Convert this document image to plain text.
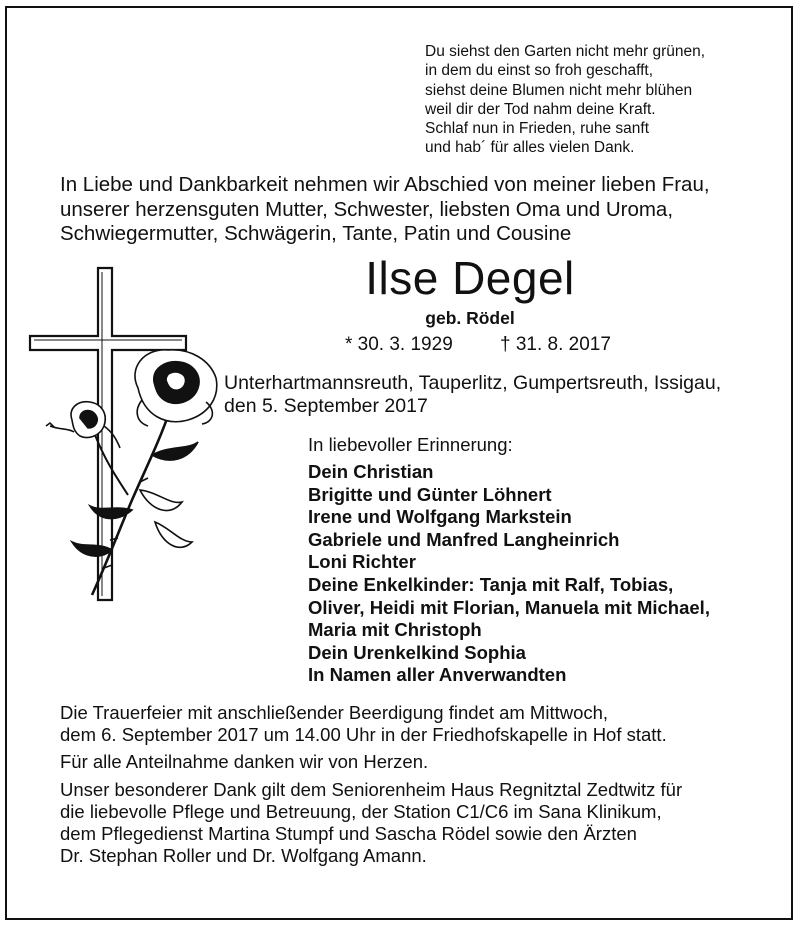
Du siehst den Garten nicht mehr grünen,
in dem du einst so froh geschafft,
siehst deine Blumen nicht mehr blühen
weil dir der Tod nahm deine Kraft.
Schlaf nun in Frieden, ruhe sanft
und hab´ für alles vielen Dank.
In Liebe und Dankbarkeit nehmen wir Abschied von meiner lieben Frau,
unserer herzensguten Mutter, Schwester, liebsten Oma und Uroma,
Schwiegermutter, Schwägerin, Tante, Patin und Cousine
Ilse Degel
geb. Rödel
* 30. 3. 1929 † 31. 8. 2017
Unterhartmannsreuth, Tauperlitz, Gumpertsreuth, Issigau,
den 5. September 2017
In liebevoller Erinnerung:
Dein Christian
Brigitte und Günter Löhnert
Irene und Wolfgang Markstein
Gabriele und Manfred Langheinrich
Loni Richter
Deine Enkelkinder: Tanja mit Ralf, Tobias,
Oliver, Heidi mit Florian, Manuela mit Michael,
Maria mit Christoph
Dein Urenkelkind Sophia
In Namen aller Anverwandten

Die Trauerfeier mit anschließender Beerdigung findet am Mittwoch,
dem 6. September 2017 um 14.00 Uhr in der Friedhofskapelle in Hof statt.

Für alle Anteilnahme danken wir von Herzen.

Unser besonderer Dank gilt dem Seniorenheim Haus Regnitztal Zedtwitz für
die liebevolle Pflege und Betreuung, der Station C1/C6 im Sana Klinikum,
dem Pflegedienst Martina Stumpf und Sascha Rödel sowie den Ärzten
Dr. Stephan Roller und Dr. Wolfgang Amann.
